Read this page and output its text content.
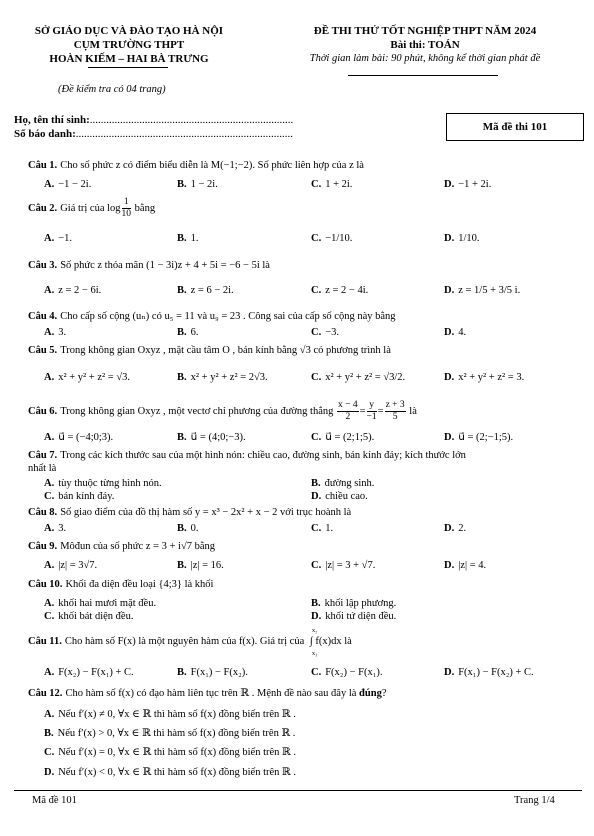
SỞ GIÁO DỤC VÀ ĐÀO TẠO HÀ NỘI
CỤM TRƯỜNG THPT
HOÀN KIẾM – HAI BÀ TRƯNG
(Đề kiểm tra có 04 trang)
ĐỀ THI THỬ TỐT NGHIỆP THPT NĂM 2024
Bài thi: TOÁN
Thời gian làm bài: 90 phút, không kể thời gian phát đề
Họ, tên thí sinh:..........................................................................
Số báo danh:...............................................................................
Mã đề thi 101
Câu 1. Cho số phức z có điểm biểu diễn là M(−1;−2). Số phức liên hợp của z là
A. −1 − 2i.	B. 1 − 2i.	C. 1 + 2i.	D. −1 + 2i.
Câu 2. Giá trị của $\log \frac{1}{10}$ bằng
A. −1.	B. 1.	C. −1/10.	D. 1/10.
Câu 3. Số phức z thỏa mãn (1 − 3i)z + 4 + 5i = −6 − 5i là
A. z = 2 − 6i.	B. z = 6 − 2i.	C. z = 2 − 4i.	D. z = 1/5 + 3/5 i.
Câu 4. Cho cấp số cộng (uₙ) có u₅ = 11 và u₉ = 23 . Công sai của cấp số cộng này bằng
A. 3.	B. 6.	C. −3.	D. 4.
Câu 5. Trong không gian Oxyz , mặt cầu tâm O , bán kính bằng √3 có phương trình là
A. x² + y² + z² = √3.	B. x² + y² + z² = 2√3.	C. x² + y² + z² = √3/2.	D. x² + y² + z² = 3.
Câu 6. Trong không gian Oxyz , một vectơ chỉ phương của đường thẳng $\frac{x - 4}{2} = \frac{y}{-1} = \frac{z + 3}{5}$ là
A. u⃗ = (−4;0;3).	B. u⃗ = (4;0;−3).	C. u⃗ = (2;1;5).	D. u⃗ = (2;−1;5).
Câu 7. Trong các kích thước sau của một hình nón: chiều cao, đường sinh, bán kính đáy; kích thước lớn
nhất là
A. tùy thuộc từng hình nón.	B. đường sinh.
C. bán kính đáy.	D. chiều cao.
Câu 8. Số giao điểm của đồ thị hàm số y = x³ − 2x² + x − 2 với trục hoành là
A. 3.	B. 0.	C. 1.	D. 2.
Câu 9. Môđun của số phức z = 3 + i√7 bằng
A. |z| = 3√7.	B. |z| = 16.	C. |z| = 3 + √7.	D. |z| = 4.
Câu 10. Khối đa diện đều loại {4;3} là khối
A. khối hai mươi mặt đều.	B. khối lập phương.
C. khối bát diện đều.	D. khối tứ diện đều.
Câu 11. Cho hàm số F(x) là một nguyên hàm của f(x). Giá trị của ∫ f(x)dx
x₂
x₁
là
A. F(x₂) − F(x₁) + C.	B. F(x₁) − F(x₂).	C. F(x₂) − F(x₁).	D. F(x₁) − F(x₂) + C.
Câu 12. Cho hàm số f(x) có đạo hàm liên tục trên ℝ . Mệnh đề nào sau đây là đúng?
A. Nếu f′(x) ≠ 0, ∀x ∈ ℝ thì hàm số f(x) đồng biến trên ℝ .
B. Nếu f′(x) > 0, ∀x ∈ ℝ thì hàm số f(x) đồng biến trên ℝ .
C. Nếu f′(x) = 0, ∀x ∈ ℝ thì hàm số f(x) đồng biến trên ℝ .
D. Nếu f′(x) < 0, ∀x ∈ ℝ thì hàm số f(x) đồng biến trên ℝ .
Mã đề 101	Trang 1/4
